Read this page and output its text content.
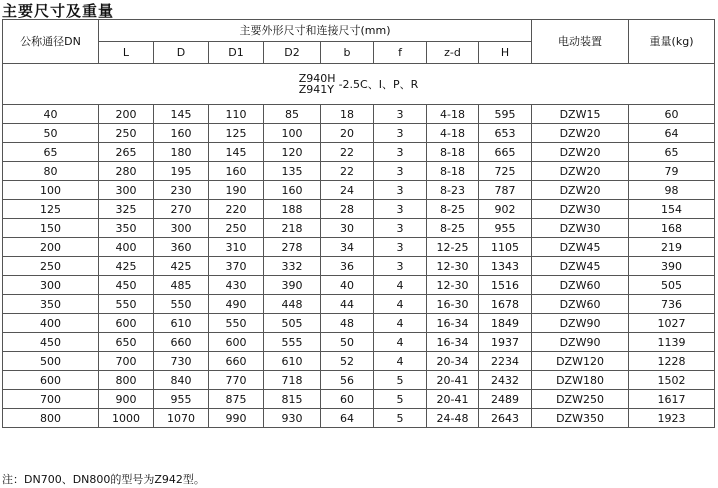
主要尺寸及重量
公称通径DN	主要外形尺寸和连接尺寸(mm)								电动装置	重量(kg)
	L	D	D1	D2	b	f	z-d	H		
Z940H
Z941Y -2.5C、I、P、R										
40	200	145	110	85	18	3	4-18	595	DZW15	60
50	250	160	125	100	20	3	4-18	653	DZW20	64
65	265	180	145	120	22	3	8-18	665	DZW20	65
80	280	195	160	135	22	3	8-18	725	DZW20	79
100	300	230	190	160	24	3	8-23	787	DZW20	98
125	325	270	220	188	28	3	8-25	902	DZW30	154
150	350	300	250	218	30	3	8-25	955	DZW30	168
200	400	360	310	278	34	3	12-25	1105	DZW45	219
250	425	425	370	332	36	3	12-30	1343	DZW45	390
300	450	485	430	390	40	4	12-30	1516	DZW60	505
350	550	550	490	448	44	4	16-30	1678	DZW60	736
400	600	610	550	505	48	4	16-34	1849	DZW90	1027
450	650	660	600	555	50	4	16-34	1937	DZW90	1139
500	700	730	660	610	52	4	20-34	2234	DZW120	1228
600	800	840	770	718	56	5	20-41	2432	DZW180	1502
700	900	955	875	815	60	5	20-41	2489	DZW250	1617
800	1000	1070	990	930	64	5	24-48	2643	DZW350	1923
注：DN700、DN800的型号为Z942型。
